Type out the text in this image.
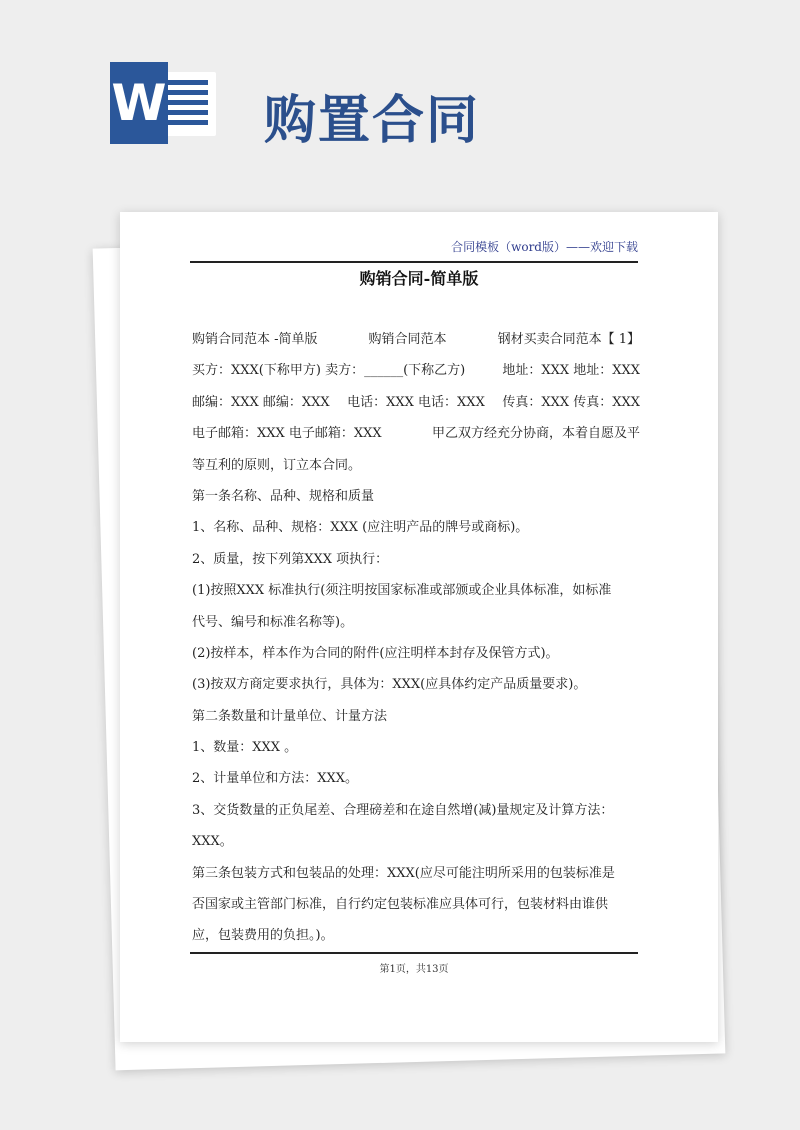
W 购置合同
合同模板（word版）——欢迎下载
购销合同-简单版
购销合同范本 -简单版	购销合同范本	钢材买卖合同范本【 1】
买方：XXX(下称甲方) 卖方：______(下称乙方)	地址：XXX 地址：XXX
邮编：XXX 邮编：XXX 电话：XXX 电话：XXX 传真：XXX 传真：XXX
电子邮箱：XXX 电子邮箱：XXX	甲乙双方经充分协商，本着自愿及平
等互利的原则，订立本合同。
第一条名称、品种、规格和质量
1、名称、品种、规格：XXX (应注明产品的牌号或商标)。
2、质量，按下列第XXX 项执行：
(1)按照XXX 标准执行(须注明按国家标准或部颁或企业具体标准，如标准
代号、编号和标准名称等)。
(2)按样本，样本作为合同的附件(应注明样本封存及保管方式)。
(3)按双方商定要求执行，具体为：XXX(应具体约定产品质量要求)。
第二条数量和计量单位、计量方法
1、数量：XXX 。
2、计量单位和方法：XXX。
3、交货数量的正负尾差、合理磅差和在途自然增(减)量规定及计算方法：
XXX。
第三条包装方式和包装品的处理：XXX(应尽可能注明所采用的包装标准是
否国家或主管部门标准，自行约定包装标准应具体可行，包装材料由谁供
应，包装费用的负担。)。
第1页，共13页
